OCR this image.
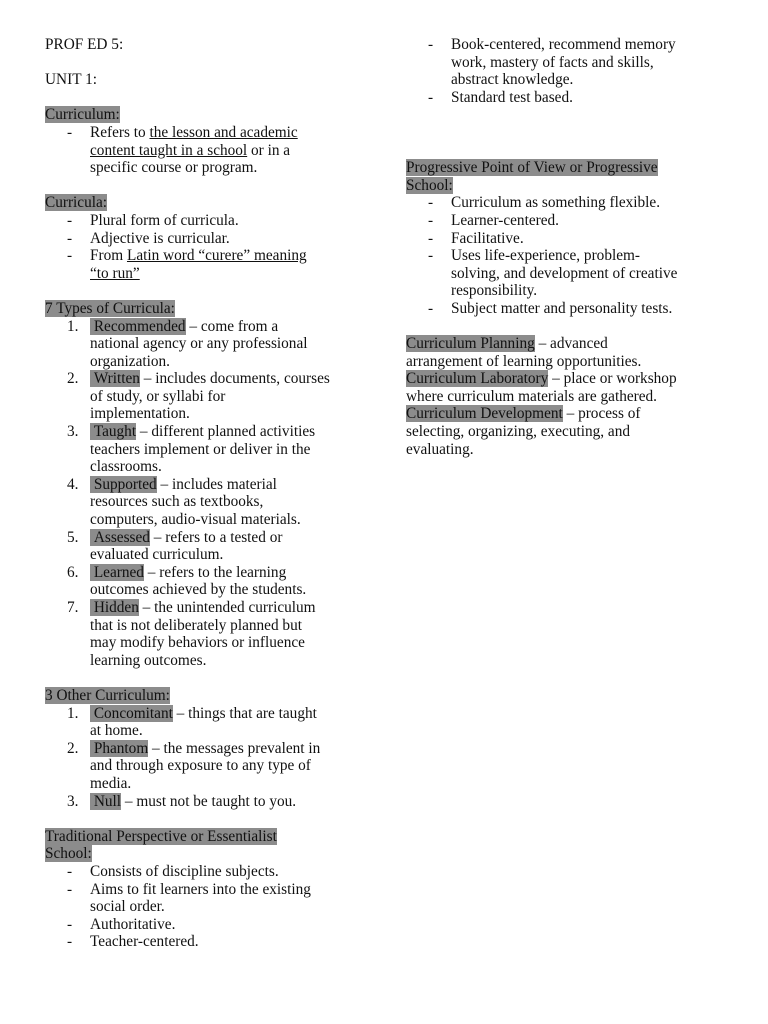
PROF ED 5:
UNIT 1:
Curriculum:
- Refers to the lesson and academic
content taught in a school or in a
specific course or program.
Curricula:
-	Plural form of curricula.
-	Adjective is curricular.
- From Latin word “curere” meaning
“to run”
7 Types of Curricula:
1. Recommended – come from a
national agency or any professional
organization.
2. Written – includes documents, courses
of study, or syllabi for
implementation.
3. Taught – different planned activities
teachers implement or deliver in the
classrooms.
4. Supported – includes material
resources such as textbooks,
computers, audio-visual materials.
5. Assessed – refers to a tested or
evaluated curriculum.
6. Learned – refers to the learning
outcomes achieved by the students.
7. Hidden – the unintended curriculum
that is not deliberately planned but
may modify behaviors or influence
learning outcomes.
3 Other Curriculum:
1. Concomitant – things that are taught
at home.
2. Phantom – the messages prevalent in
and through exposure to any type of
media.
3. Null – must not be taught to you.
Traditional Perspective or Essentialist
School:
- Consists of discipline subjects.
- Aims to fit learners into the existing
social order.
- Authoritative.
- Teacher-centered.
- Book-centered, recommend memory
work, mastery of facts and skills,
abstract knowledge.
- Standard test based.
Progressive Point of View or Progressive
School:
- Curriculum as something flexible.
- Learner-centered.
- Facilitative.
- Uses life-experience, problem-
solving, and development of creative
responsibility.
- Subject matter and personality tests.
Curriculum Planning – advanced
arrangement of learning opportunities.
Curriculum Laboratory – place or workshop
where curriculum materials are gathered.
Curriculum Development – process of
selecting, organizing, executing, and
evaluating.
